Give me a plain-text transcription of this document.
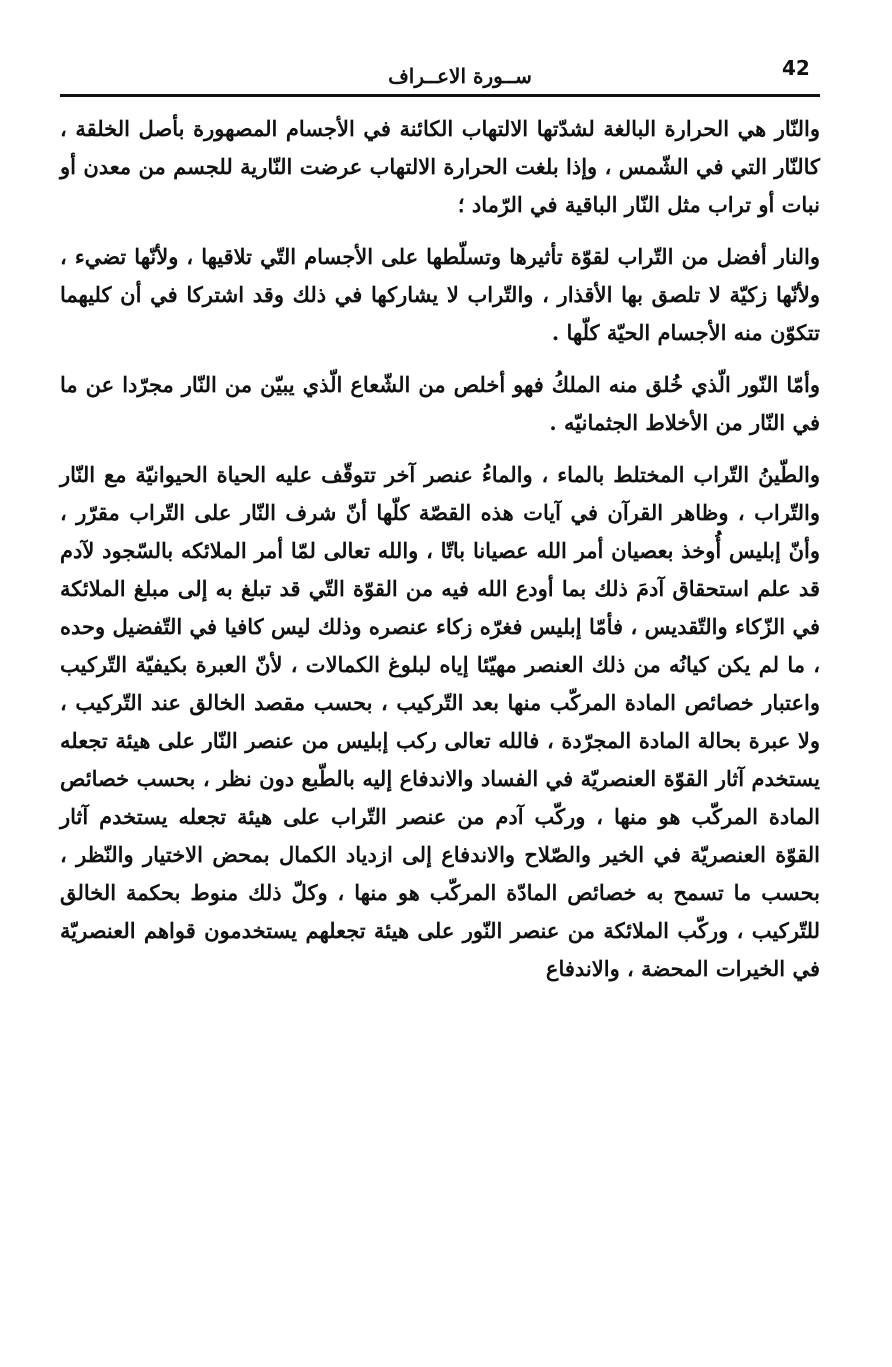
42
ســورة الاعــراف

والنّار هي الحرارة البالغة لشدّتها الالتهاب الكائنة في الأجسام المصهورة بأصل الخلقة ، كالنّار التي في الشّمس ، وإذا بلغت الحرارة الالتهاب عرضت النّارية للجسم من معدن أو نبات أو تراب مثل النّار الباقية في الرّماد ؛

والنار أفضل من التّراب لقوّة تأثيرها وتسلّطها على الأجسام التّي تلاقيها ، ولأنّها تضيء ، ولأنّها زكيّة لا تلصق بها الأقذار ، والتّراب لا يشاركها في ذلك وقد اشتركا في أن كليهما تتكوّن منه الأجسام الحيّة كلّها .

وأمّا النّور الّذي خُلق منه الملكُ فهو أخلص من الشّعاع الّذي يبيّن من النّار مجرّدا عن ما في النّار من الأخلاط الجثمانيّه .

والطّينُ التّراب المختلط بالماء ، والماءُ عنصر آخر تتوقّف عليه الحياة الحيوانيّة مع النّار والتّراب ، وظاهر القرآن في آيات هذه القصّة كلّها أنّ شرف النّار على التّراب مقرّر ، وأنّ إبليس أُوخذ بعصيان أمر الله عصيانا باتّا ، والله تعالى لمّا أمر الملائكه بالسّجود لآدم قد علم استحقاق آدمَ ذلك بما أودع الله فيه من القوّة التّي قد تبلغ به إلى مبلغ الملائكة في الزّكاء والتّقديس ، فأمّا إبليس فغرّه زكاء عنصره وذلك ليس كافيا في التّفضيل وحده ، ما لم يكن كيانُه من ذلك العنصر مهيّئا إياه لبلوغ الكمالات ، لأنّ العبرة بكيفيّة التّركيب واعتبار خصائص المادة المركّب منها بعد التّركيب ، بحسب مقصد الخالق عند التّركيب ، ولا عبرة بحالة المادة المجرّدة ، فالله تعالى ركب إبليس من عنصر النّار على هيئة تجعله يستخدم آثار القوّة العنصريّة في الفساد والاندفاع إليه بالطّبع دون نظر ، بحسب خصائص المادة المركّب هو منها ، وركّب آدم من عنصر التّراب على هيئة تجعله يستخدم آثار القوّة العنصريّة في الخير والصّلاح والاندفاع إلى ازدياد الكمال بمحض الاختيار والنّظر ، بحسب ما تسمح به خصائص المادّة المركّب هو منها ، وكلّ ذلك منوط بحكمة الخالق للتّركيب ، وركّب الملائكة من عنصر النّور على هيئة تجعلهم يستخدمون قواهم العنصريّة في الخيرات المحضة ، والاندفاع
